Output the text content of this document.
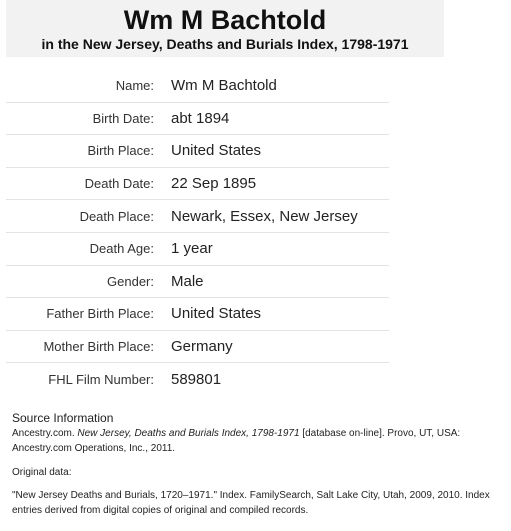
Wm M Bachtold

in the New Jersey, Deaths and Burials Index, 1798-1971

Name:	Wm M Bachtold
Birth Date:	abt 1894
Birth Place:	United States
Death Date:	22 Sep 1895
Death Place:	Newark, Essex, New Jersey
Death Age:	1 year
Gender:	Male
Father Birth Place:	United States
Mother Birth Place:	Germany
FHL Film Number:	589801

Source Information

Ancestry.com. New Jersey, Deaths and Burials Index, 1798-1971 [database on-line]. Provo, UT, USA: Ancestry.com Operations, Inc., 2011.

Original data:

"New Jersey Deaths and Burials, 1720–1971." Index. FamilySearch, Salt Lake City, Utah, 2009, 2010. Index entries derived from digital copies of original and compiled records.
